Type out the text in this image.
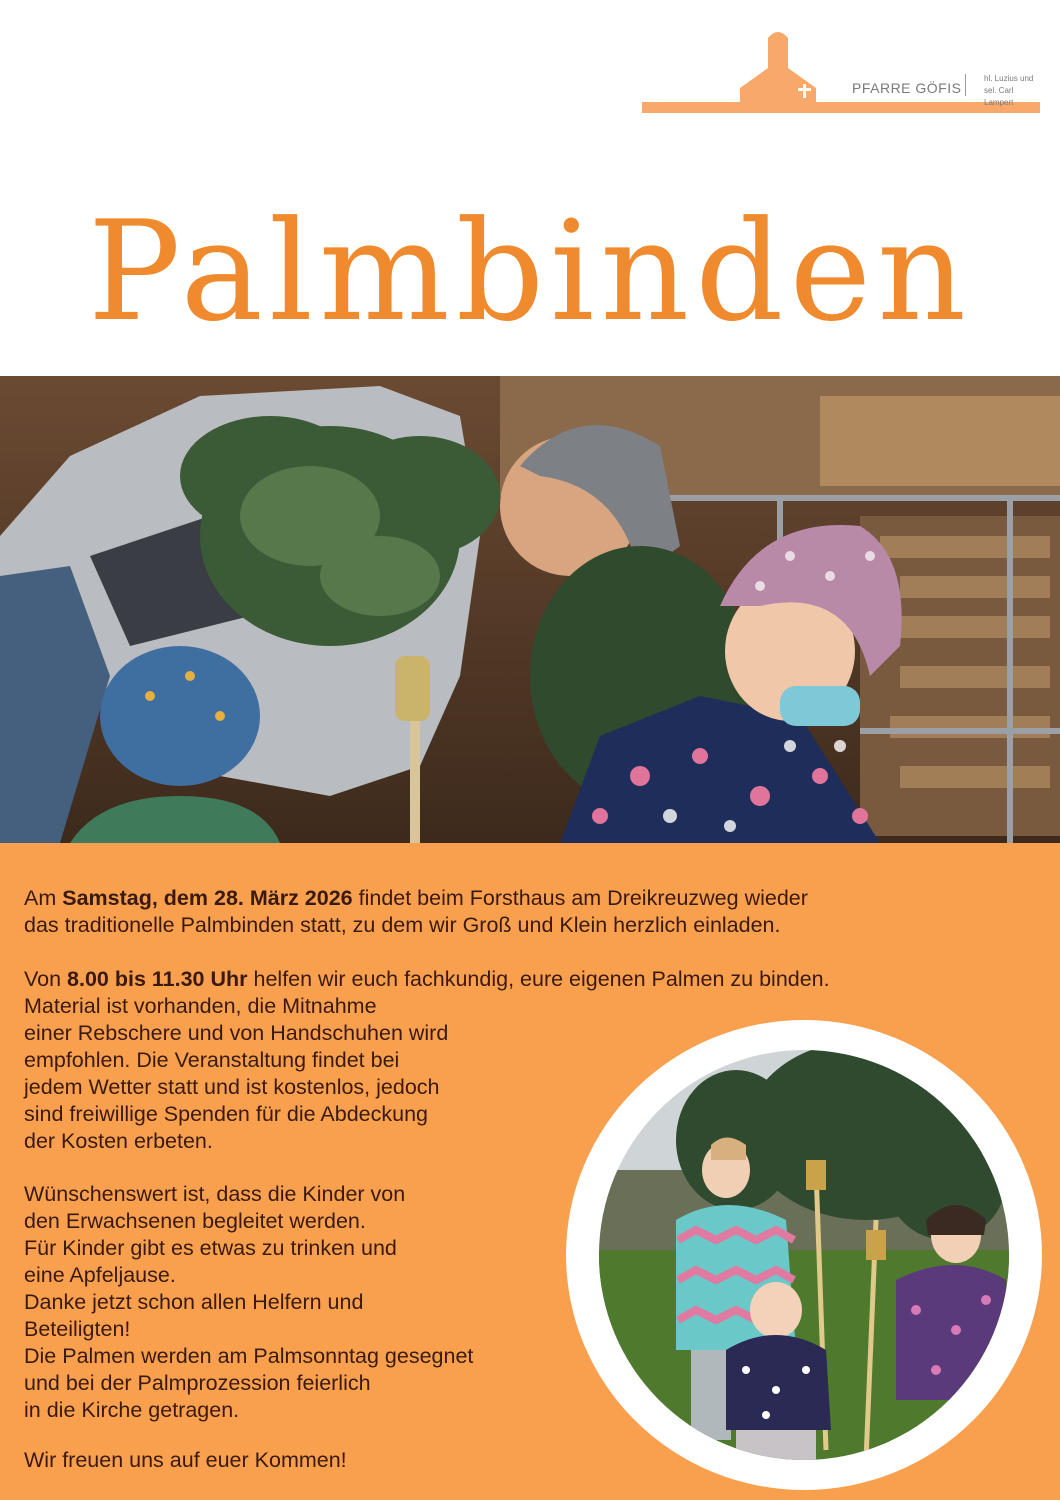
PFARRE GÖFIS
hl. Luzius und
sel. Carl Lampert
Palmbinden

Am Samstag, dem 28. März 2026 findet beim Forsthaus am Dreikreuzweg wieder
das traditionelle Palmbinden statt, zu dem wir Groß und Klein herzlich einladen.

Von 8.00 bis 11.30 Uhr helfen wir euch fachkundig, eure eigenen Palmen zu binden.
Material ist vorhanden, die Mitnahme
einer Rebschere und von Handschuhen wird
empfohlen. Die Veranstaltung findet bei
jedem Wetter statt und ist kostenlos, jedoch
sind freiwillige Spenden für die Abdeckung
der Kosten erbeten.

Wünschenswert ist, dass die Kinder von
den Erwachsenen begleitet werden.
Für Kinder gibt es etwas zu trinken und
eine Apfeljause.
Danke jetzt schon allen Helfern und
Beteiligten!
Die Palmen werden am Palmsonntag gesegnet
und bei der Palmprozession feierlich
in die Kirche getragen.

Wir freuen uns auf euer Kommen!
